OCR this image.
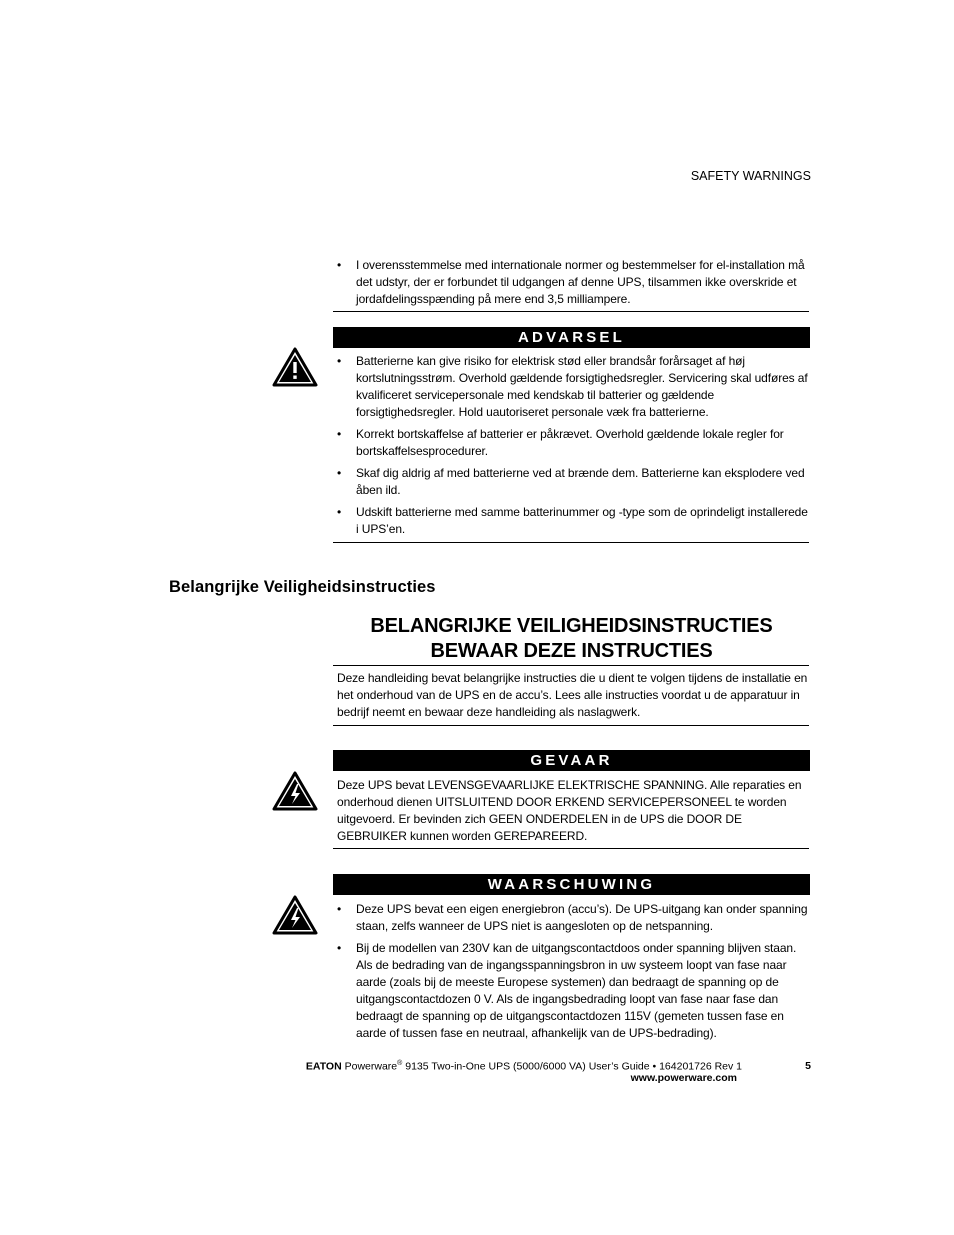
SAFETY WARNINGS
• I overensstemmelse med internationale normer og bestemmelser for el-installation må det udstyr, der er forbundet til udgangen af denne UPS, tilsammen ikke overskride et jordafdelingsspænding på mere end 3,5 milliampere.
ADVARSEL
• Batterierne kan give risiko for elektrisk stød eller brandsår forårsaget af høj kortslutningsstrøm. Overhold gældende forsigtighedsregler. Servicering skal udføres af kvalificeret servicepersonale med kendskab til batterier og gældende forsigtighedsregler. Hold uautoriseret personale væk fra batterierne.
• Korrekt bortskaffelse af batterier er påkrævet. Overhold gældende lokale regler for bortskaffelsesprocedurer.
• Skaf dig aldrig af med batterierne ved at brænde dem. Batterierne kan eksplodere ved åben ild.
• Udskift batterierne med samme batterinummer og -type som de oprindeligt installerede i UPS’en.
Belangrijke Veiligheidsinstructies
BELANGRIJKE VEILIGHEIDSINSTRUCTIES
BEWAAR DEZE INSTRUCTIES
Deze handleiding bevat belangrijke instructies die u dient te volgen tijdens de installatie en het onderhoud van de UPS en de accu’s. Lees alle instructies voordat u de apparatuur in bedrijf neemt en bewaar deze handleiding als naslagwerk.
GEVAAR
Deze UPS bevat LEVENSGEVAARLIJKE ELEKTRISCHE SPANNING. Alle reparaties en onderhoud dienen UITSLUITEND DOOR ERKEND SERVICEPERSONEEL te worden uitgevoerd. Er bevinden zich GEEN ONDERDELEN in de UPS die DOOR DE GEBRUIKER kunnen worden GEREPAREERD.
WAARSCHUWING
• Deze UPS bevat een eigen energiebron (accu’s). De UPS-uitgang kan onder spanning staan, zelfs wanneer de UPS niet is aangesloten op de netspanning.
• Bij de modellen van 230V kan de uitgangscontactdoos onder spanning blijven staan. Als de bedrading van de ingangsspanningsbron in uw systeem loopt van fase naar aarde (zoals bij de meeste Europese systemen) dan bedraagt de spanning op de uitgangscontactdozen 0 V. Als de ingangsbedrading loopt van fase naar fase dan bedraagt de spanning op de uitgangscontactdozen 115V (gemeten tussen fase en aarde of tussen fase en neutraal, afhankelijk van de UPS-bedrading).
EATON Powerware® 9135 Two-in-One UPS (5000/6000 VA) User’s Guide • 164201726 Rev 1
www.powerware.com
5
